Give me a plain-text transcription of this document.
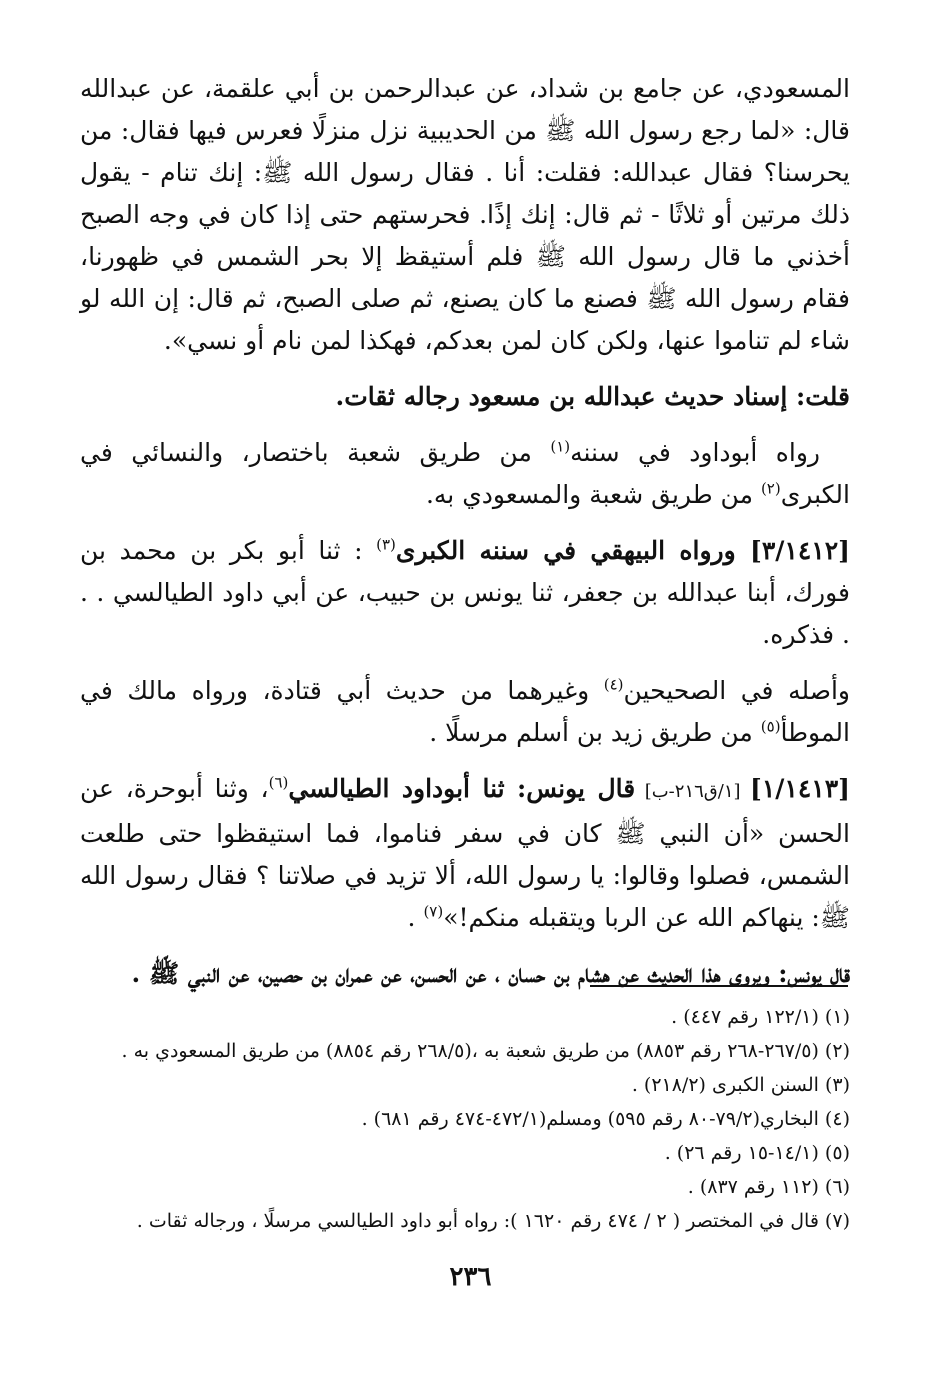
المسعودي، عن جامع بن شداد، عن عبدالرحمن بن أبي علقمة، عن عبدالله قال: «لما رجع رسول الله ﷺ من الحديبية نزل منزلًا فعرس فيها فقال: من يحرسنا؟ فقال عبدالله: فقلت: أنا . فقال رسول الله ﷺ: إنك تنام - يقول ذلك مرتين أو ثلاثًا - ثم قال: إنك إذًا. فحرستهم حتى إذا كان في وجه الصبح أخذني ما قال رسول الله ﷺ فلم أستيقظ إلا بحر الشمس في ظهورنا، فقام رسول الله ﷺ فصنع ما كان يصنع، ثم صلى الصبح، ثم قال: إن الله لو شاء لم تناموا عنها، ولكن كان لمن بعدكم، فهكذا لمن نام أو نسي».

قلت: إسناد حديث عبدالله بن مسعود رجاله ثقات.

رواه أبوداود في سننه$^{(١)}$ من طريق شعبة باختصار، والنسائي في الكبرى$^{(٢)}$ من طريق شعبة والمسعودي به.

[٣/١٤١٢] ورواه البيهقي في سننه الكبرى$^{(٣)}$ : ثنا أبو بكر بن محمد بن فورك، أبنا عبدالله بن جعفر، ثنا يونس بن حبيب، عن أبي داود الطيالسي . . . فذكره.

وأصله في الصحيحين$^{(٤)}$ وغيرهما من حديث أبي قتادة، ورواه مالك في الموطأ$^{(٥)}$ من طريق زيد بن أسلم مرسلًا .

[١/١٤١٣] [١/ق٢١٦-ب] قال يونس: ثنا أبوداود الطيالسي$^{(٦)}$، وثنا أبوحرة، عن الحسن «أن النبي ﷺ كان في سفر فناموا، فما استيقظوا حتى طلعت الشمس، فصلوا وقالوا: يا رسول الله، ألا تزيد في صلاتنا ؟ فقال رسول الله ﷺ: ينهاكم الله عن الربا ويتقبله منكم!»$^{(٧)}$ .

قال يونس: ويروى هذا الحديث عن هشام بن حسان ، عن الحسن، عن عمران بن حصين، عن النبي ﷺ .

(١) (١٢٢/١ رقم ٤٤٧) .
(٢) (٢٦٧/٥-٢٦٨ رقم ٨٨٥٣) من طريق شعبة به ،(٢٦٨/٥ رقم ٨٨٥٤) من طريق المسعودي به .
(٣) السنن الكبرى (٢١٨/٢) .
(٤) البخاري(٧٩/٢-٨٠ رقم ٥٩٥) ومسلم(٤٧٢/١-٤٧٤ رقم ٦٨١) .
(٥) (١٤/١-١٥ رقم ٢٦) .
(٦) (١١٢ رقم ٨٣٧) .
(٧) قال في المختصر ( ٢ / ٤٧٤ رقم ١٦٢٠ ): رواه أبو داود الطيالسي مرسلًا ، ورجاله ثقات .
٢٣٦
